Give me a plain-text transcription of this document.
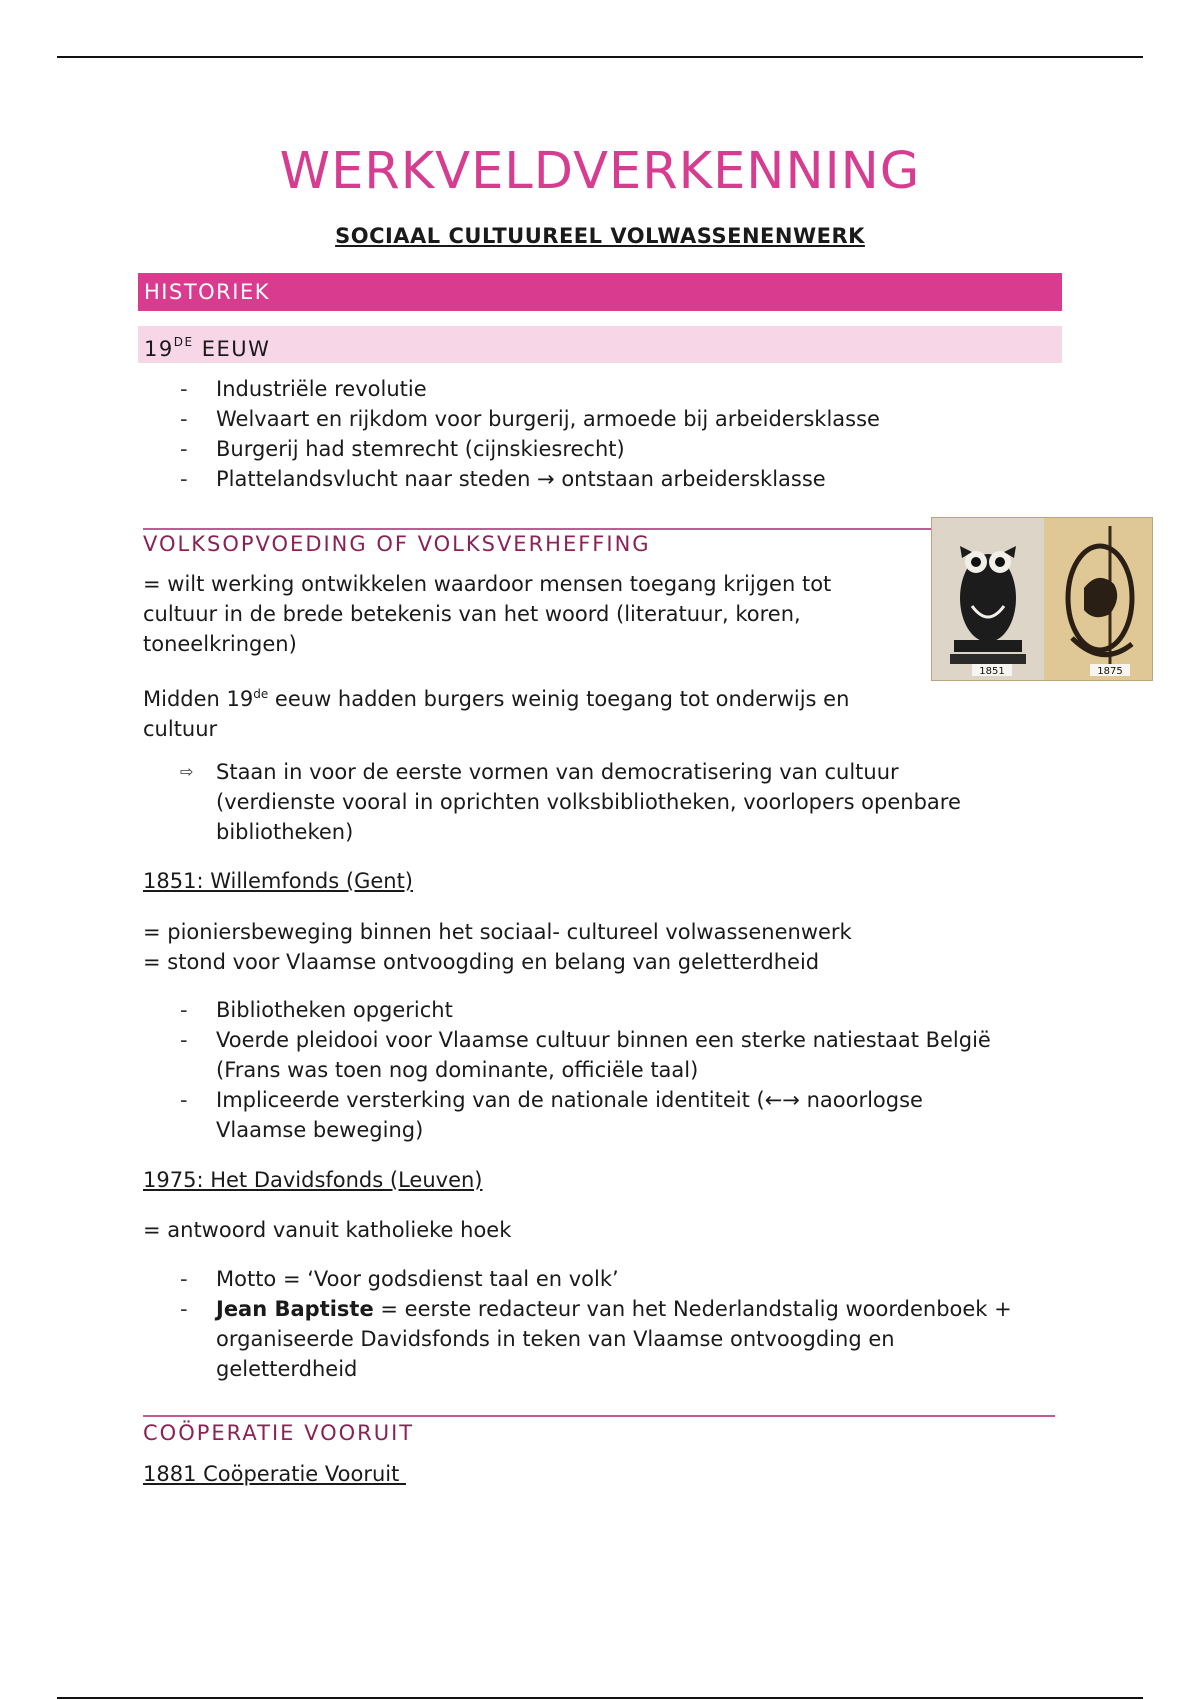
WERKVELDVERKENNING
SOCIAAL CULTUUREEL VOLWASSENENWERK
HISTORIEK
19DE EEUW
-	Industriële revolutie
-	Welvaart en rijkdom voor burgerij, armoede bij arbeidersklasse
-	Burgerij had stemrecht (cijnskiesrecht)
-	Plattelandsvlucht naar steden → ontstaan arbeidersklasse
VOLKSOPVOEDING OF VOLKSVERHEFFING
1851	1875
= wilt werking ontwikkelen waardoor mensen toegang krijgen tot
cultuur in de brede betekenis van het woord (literatuur, koren,
toneelkringen)
Midden 19de eeuw hadden burgers weinig toegang tot onderwijs en
cultuur
⇨ Staan in voor de eerste vormen van democratisering van cultuur
(verdienste vooral in oprichten volksbibliotheken, voorlopers openbare
bibliotheken)
1851: Willemfonds (Gent)
= pioniersbeweging binnen het sociaal- cultureel volwassenenwerk
= stond voor Vlaamse ontvoogding en belang van geletterdheid
-	Bibliotheken opgericht
-	Voerde pleidooi voor Vlaamse cultuur binnen een sterke natiestaat België
(Frans was toen nog dominante, officiële taal)
-	Impliceerde versterking van de nationale identiteit (←→ naoorlogse
Vlaamse beweging)
1975: Het Davidsfonds (Leuven)
= antwoord vanuit katholieke hoek
-	Motto = ‘Voor godsdienst taal en volk’
-	Jean Baptiste = eerste redacteur van het Nederlandstalig woordenboek +
organiseerde Davidsfonds in teken van Vlaamse ontvoogding en
geletterdheid
COÖPERATIE VOORUIT
1881 Coöperatie Vooruit
